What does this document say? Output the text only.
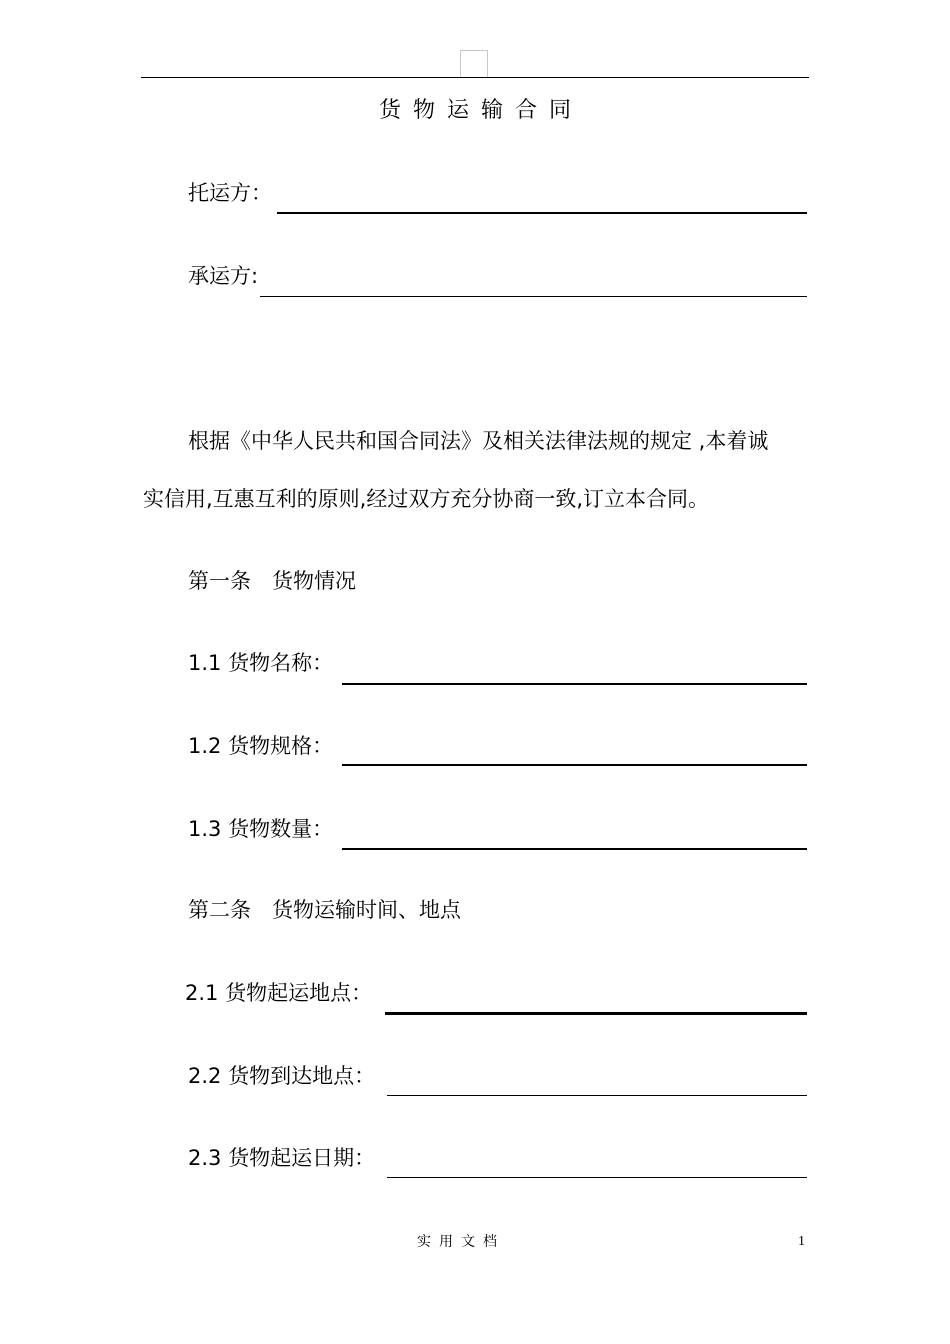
货物运输合同
托运方：
承运方:
根据《中华人民共和国合同法》及相关法律法规的规定 ,本着诚
实信用,互惠互利的原则,经过双方充分协商一致,订立本合同。
第一条　货物情况
1.1 货物名称：
1.2 货物规格：
1.3 货物数量：
第二条　货物运输时间、地点
2.1 货物起运地点：
2.2 货物到达地点：
2.3 货物起运日期：
实用文档	1
